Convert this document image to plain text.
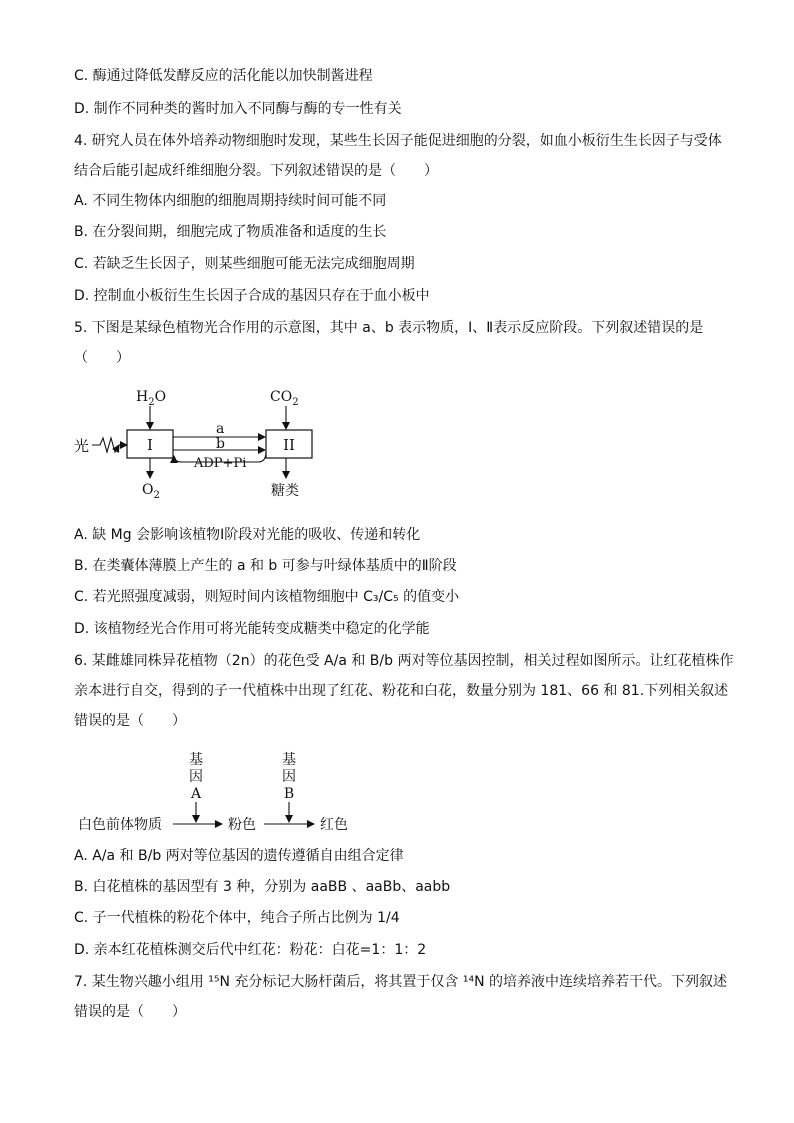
C. 酶通过降低发酵反应的活化能以加快制酱进程
D. 制作不同种类的酱时加入不同酶与酶的专一性有关
4. 研究人员在体外培养动物细胞时发现，某些生长因子能促进细胞的分裂，如血小板衍生生长因子与受体
结合后能引起成纤维细胞分裂。下列叙述错误的是（　　）
A. 不同生物体内细胞的细胞周期持续时间可能不同
B. 在分裂间期，细胞完成了物质准备和适度的生长
C. 若缺乏生长因子，则某些细胞可能无法完成细胞周期
D. 控制血小板衍生生长因子合成的基因只存在于血小板中
5. 下图是某绿色植物光合作用的示意图，其中 a、b 表示物质，Ⅰ、Ⅱ表示反应阶段。下列叙述错误的是
（　　）
光	I
$H_2O$
$O_2$
a
b
ADP+Pi
II
$CO_2$
糖类
A. 缺 Mg 会影响该植物Ⅰ阶段对光能的吸收、传递和转化
B. 在类囊体薄膜上产生的 a 和 b 可参与叶绿体基质中的Ⅱ阶段
C. 若光照强度减弱，则短时间内该植物细胞中 C₃/C₅ 的值变小
D. 该植物经光合作用可将光能转变成糖类中稳定的化学能
6. 某雌雄同株异花植物（2n）的花色受 A/a 和 B/b 两对等位基因控制，相关过程如图所示。让红花植株作
亲本进行自交，得到的子一代植株中出现了红花、粉花和白花，数量分别为 181、66 和 81.下列相关叙述
错误的是（　　）
基
因
A
基
因
B
白色前体物质	粉色	红色
A. A/a 和 B/b 两对等位基因的遗传遵循自由组合定律
B. 白花植株的基因型有 3 种，分别为 aaBB 、aaBb、aabb
C. 子一代植株的粉花个体中，纯合子所占比例为 1/4
D. 亲本红花植株测交后代中红花：粉花：白花=1：1：2
7. 某生物兴趣小组用 ¹⁵N 充分标记大肠杆菌后，将其置于仅含 ¹⁴N 的培养液中连续培养若干代。下列叙述
错误的是（　　）
